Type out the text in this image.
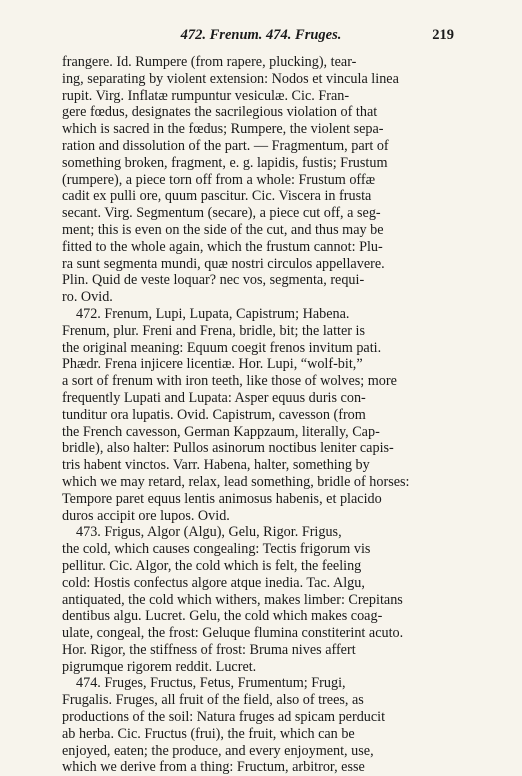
472. Frenum. 474. Fruges.	219
frangere. Id. Rumpere (from rapere, plucking), tear-
ing, separating by violent extension: Nodos et vincula linea
rupit. Virg. Inflatæ rumpuntur vesiculæ. Cic. Fran-
gere fœdus, designates the sacrilegious violation of that
which is sacred in the fœdus; Rumpere, the violent sepa-
ration and dissolution of the part. — Fragmentum, part of
something broken, fragment, e. g. lapidis, fustis; Frustum
(rumpere), a piece torn off from a whole: Frustum offæ
cadit ex pulli ore, quum pascitur. Cic. Viscera in frusta
secant. Virg. Segmentum (secare), a piece cut off, a seg-
ment; this is even on the side of the cut, and thus may be
fitted to the whole again, which the frustum cannot: Plu-
ra sunt segmenta mundi, quæ nostri circulos appellavere.
Plin. Quid de veste loquar? nec vos, segmenta, requi-
ro. Ovid.
472. Frenum, Lupi, Lupata, Capistrum; Habena.
Frenum, plur. Freni and Frena, bridle, bit; the latter is
the original meaning: Equum coegit frenos invitum pati.
Phædr. Frena injicere licentiæ. Hor. Lupi, “wolf-bit,”
a sort of frenum with iron teeth, like those of wolves; more
frequently Lupati and Lupata: Asper equus duris con-
tunditur ora lupatis. Ovid. Capistrum, cavesson (from
the French cavesson, German Kappzaum, literally, Cap-
bridle), also halter: Pullos asinorum noctibus leniter capis-
tris habent vinctos. Varr. Habena, halter, something by
which we may retard, relax, lead something, bridle of horses:
Tempore paret equus lentis animosus habenis, et placido
duros accipit ore lupos. Ovid.
473. Frigus, Algor (Algu), Gelu, Rigor. Frigus,
the cold, which causes congealing: Tectis frigorum vis
pellitur. Cic. Algor, the cold which is felt, the feeling
cold: Hostis confectus algore atque inedia. Tac. Algu,
antiquated, the cold which withers, makes limber: Crepitans
dentibus algu. Lucret. Gelu, the cold which makes coag-
ulate, congeal, the frost: Geluque flumina constiterint acuto.
Hor. Rigor, the stiffness of frost: Bruma nives affert
pigrumque rigorem reddit. Lucret.
474. Fruges, Fructus, Fetus, Frumentum; Frugi,
Frugalis. Fruges, all fruit of the field, also of trees, as
productions of the soil: Natura fruges ad spicam perducit
ab herba. Cic. Fructus (frui), the fruit, which can be
enjoyed, eaten; the produce, and every enjoyment, use,
which we derive from a thing: Fructum, arbitror, esse
